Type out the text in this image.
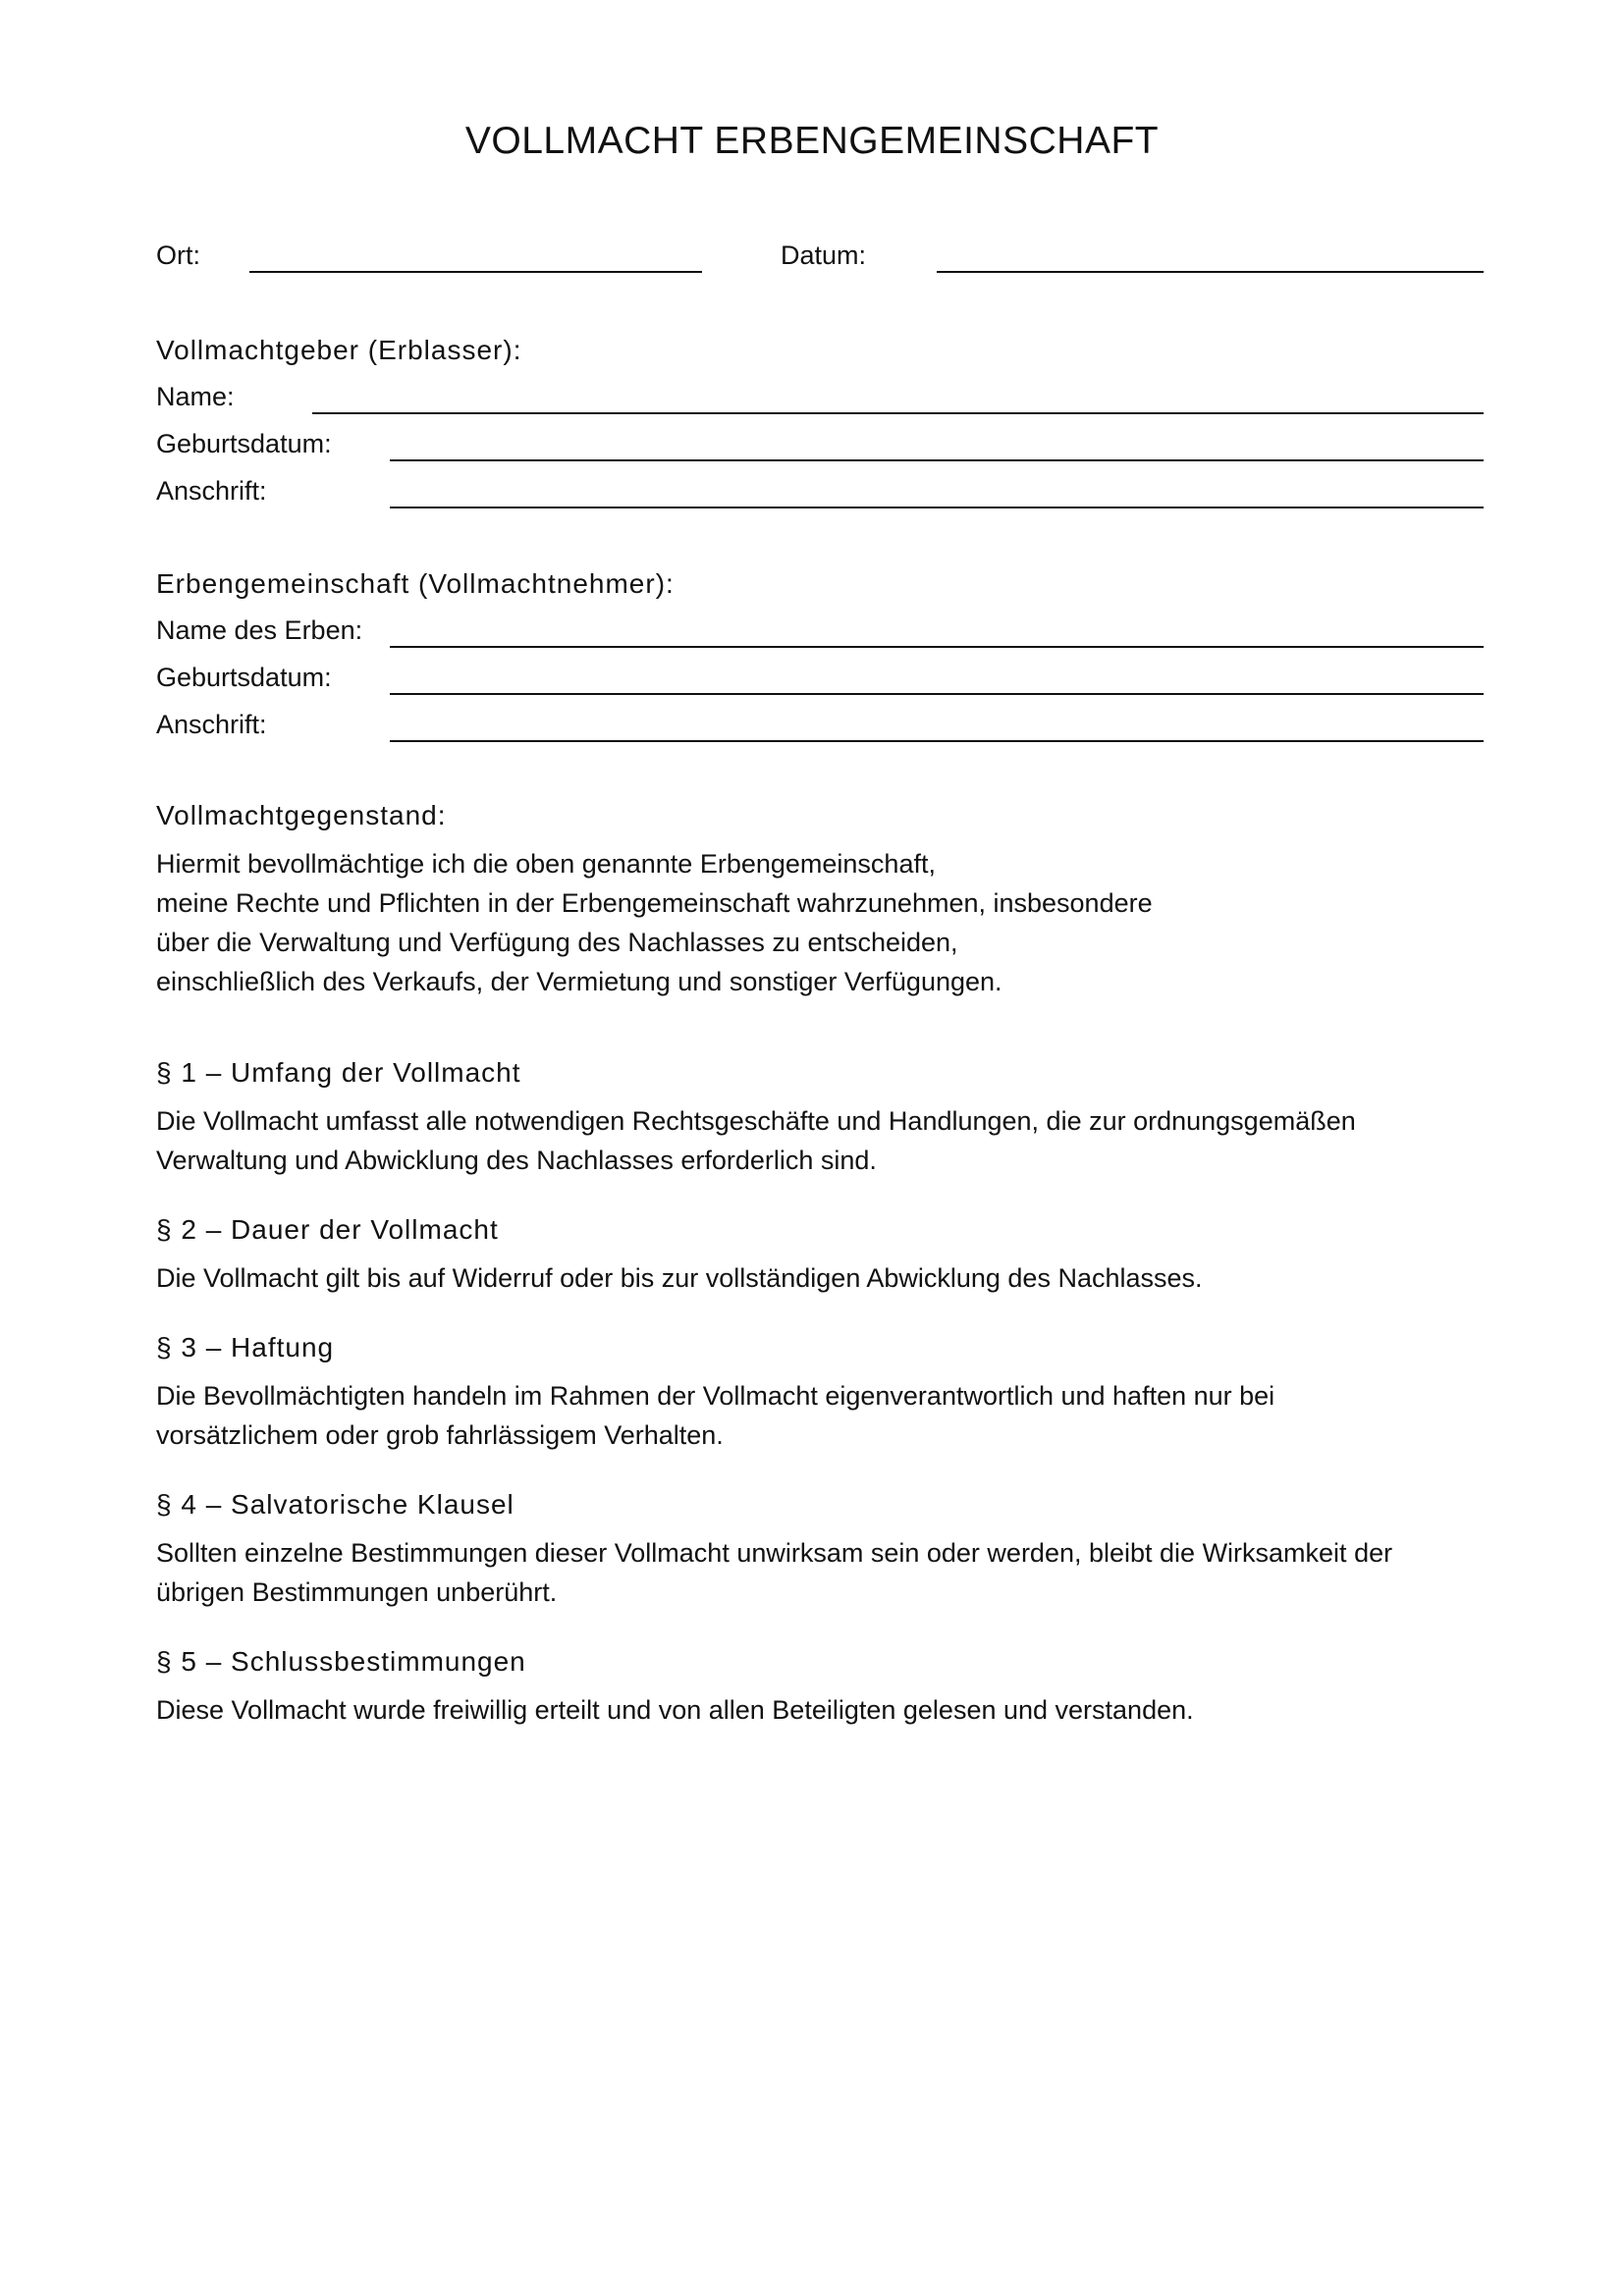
VOLLMACHT ERBENGEMEINSCHAFT
Ort:	Datum:
Vollmachtgeber (Erblasser):
Name:
Geburtsdatum:
Anschrift:
Erbengemeinschaft (Vollmachtnehmer):
Name des Erben:
Geburtsdatum:
Anschrift:
Vollmachtgegenstand:

Hiermit bevollmächtige ich die oben genannte Erbengemeinschaft,

meine Rechte und Pflichten in der Erbengemeinschaft wahrzunehmen, insbesondere

über die Verwaltung und Verfügung des Nachlasses zu entscheiden,

einschließlich des Verkaufs, der Vermietung und sonstiger Verfügungen.

§ 1 – Umfang der Vollmacht

Die Vollmacht umfasst alle notwendigen Rechtsgeschäfte und Handlungen, die zur ordnungsgemäßen

Verwaltung und Abwicklung des Nachlasses erforderlich sind.

§ 2 – Dauer der Vollmacht

Die Vollmacht gilt bis auf Widerruf oder bis zur vollständigen Abwicklung des Nachlasses.

§ 3 – Haftung

Die Bevollmächtigten handeln im Rahmen der Vollmacht eigenverantwortlich und haften nur bei

vorsätzlichem oder grob fahrlässigem Verhalten.

§ 4 – Salvatorische Klausel

Sollten einzelne Bestimmungen dieser Vollmacht unwirksam sein oder werden, bleibt die Wirksamkeit der

übrigen Bestimmungen unberührt.

§ 5 – Schlussbestimmungen

Diese Vollmacht wurde freiwillig erteilt und von allen Beteiligten gelesen und verstanden.
